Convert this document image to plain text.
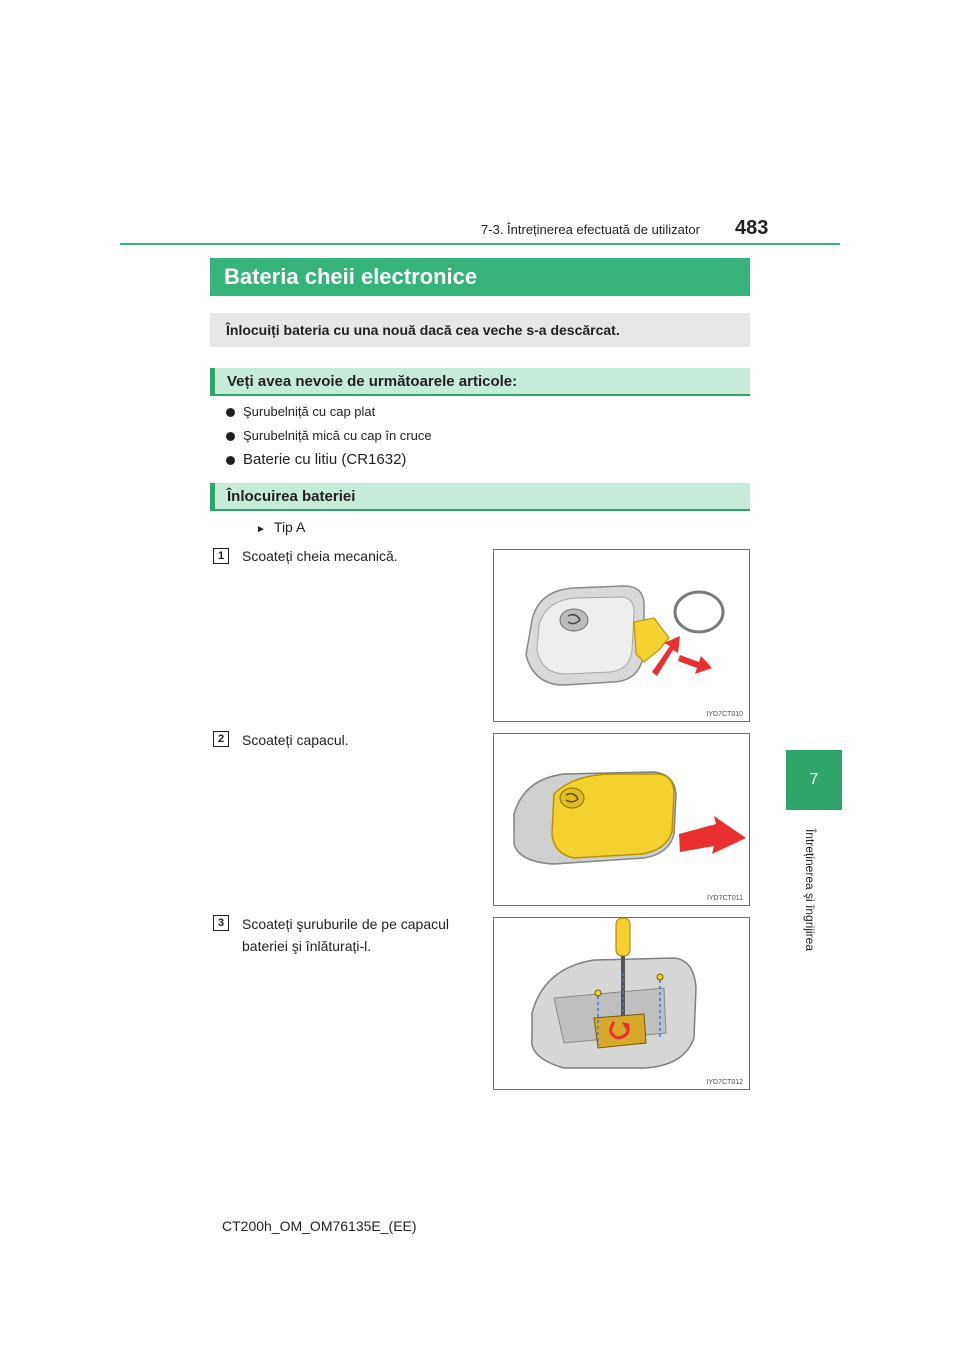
7-3. Întreținerea efectuată de utilizator 483
7
Întreținerea şi îngrijirea
Bateria cheii electronice
Înlocuiți bateria cu una nouă dacă cea veche s-a descărcat.
Veți avea nevoie de următoarele articole:
Şurubelniță cu cap plat
Şurubelniță mică cu cap în cruce
Baterie cu litiu (CR1632)
Înlocuirea bateriei
► Tip A
1	Scoateți cheia mecanică.
IYD7CT010
2	Scoateți capacul.
IYD7CT011
3	Scoateți şuruburile de pe capacul bateriei şi înlăturați-l.
IYD7CT012
CT200h_OM_OM76135E_(EE)
